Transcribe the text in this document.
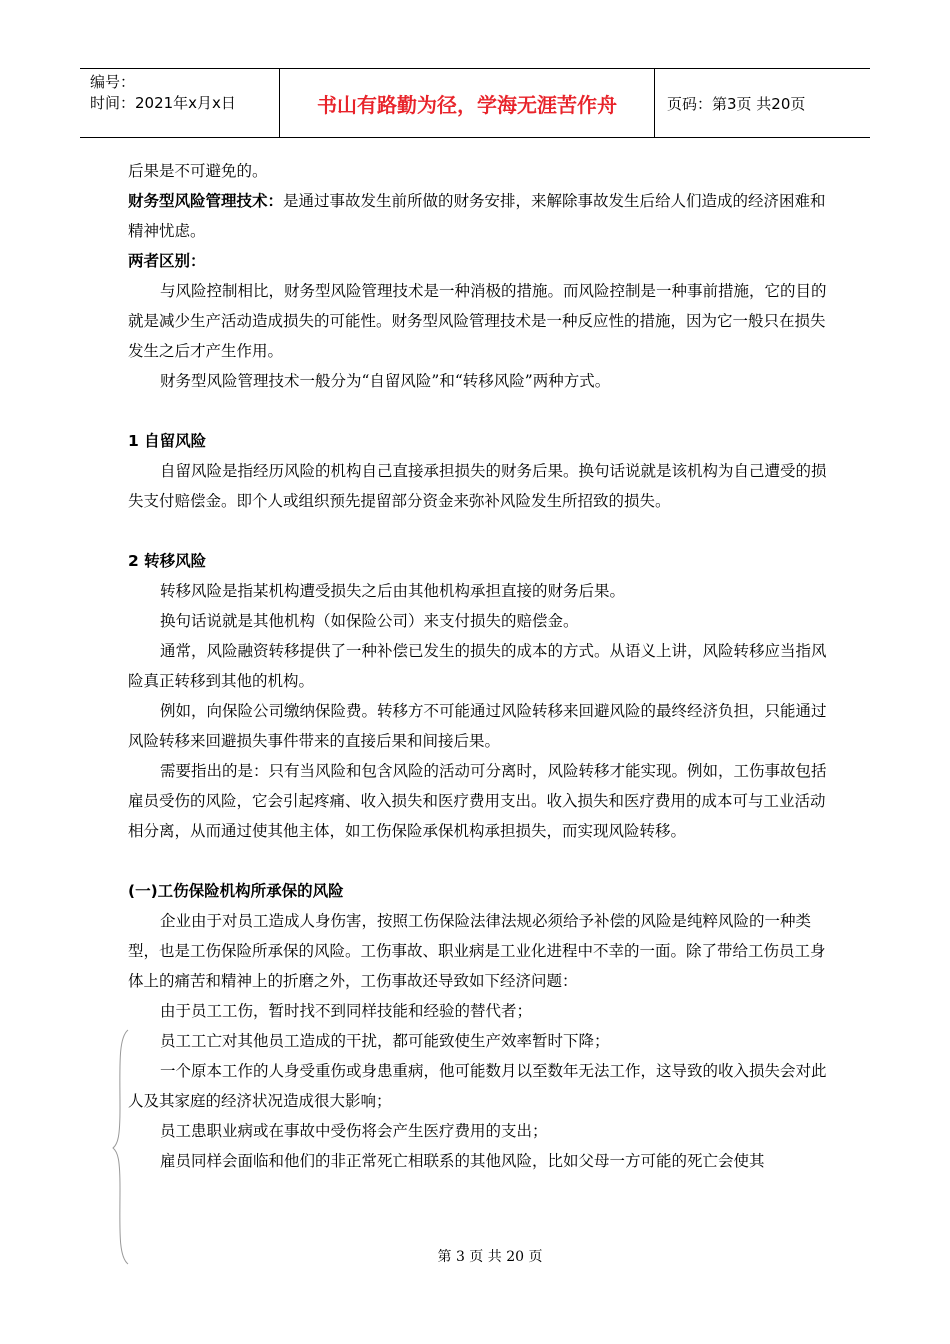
编号：
时间：2021年x月x日	书山有路勤为径，学海无涯苦作舟	页码：第3页 共20页

后果是不可避免的。

财务型风险管理技术：是通过事故发生前所做的财务安排，来解除事故发生后给人们造成的经济困难和精神忧虑。

两者区别：

与风险控制相比，财务型风险管理技术是一种消极的措施。而风险控制是一种事前措施，它的目的就是减少生产活动造成损失的可能性。财务型风险管理技术是一种反应性的措施，因为它一般只在损失发生之后才产生作用。

财务型风险管理技术一般分为“自留风险”和“转移风险”两种方式。

1 自留风险

自留风险是指经历风险的机构自己直接承担损失的财务后果。换句话说就是该机构为自己遭受的损失支付赔偿金。即个人或组织预先提留部分资金来弥补风险发生所招致的损失。

2 转移风险

转移风险是指某机构遭受损失之后由其他机构承担直接的财务后果。

换句话说就是其他机构（如保险公司）来支付损失的赔偿金。

通常，风险融资转移提供了一种补偿已发生的损失的成本的方式。从语义上讲，风险转移应当指风险真正转移到其他的机构。

例如，向保险公司缴纳保险费。转移方不可能通过风险转移来回避风险的最终经济负担，只能通过风险转移来回避损失事件带来的直接后果和间接后果。

需要指出的是：只有当风险和包含风险的活动可分离时，风险转移才能实现。例如，工伤事故包括雇员受伤的风险，它会引起疼痛、收入损失和医疗费用支出。收入损失和医疗费用的成本可与工业活动相分离，从而通过使其他主体，如工伤保险承保机构承担损失，而实现风险转移。

(一)工伤保险机构所承保的风险

企业由于对员工造成人身伤害，按照工伤保险法律法规必须给予补偿的风险是纯粹风险的一种类型，也是工伤保险所承保的风险。工伤事故、职业病是工业化进程中不幸的一面。除了带给工伤员工身体上的痛苦和精神上的折磨之外，工伤事故还导致如下经济问题：

由于员工工伤，暂时找不到同样技能和经验的替代者；

员工工亡对其他员工造成的干扰，都可能致使生产效率暂时下降；

一个原本工作的人身受重伤或身患重病，他可能数月以至数年无法工作，这导致的收入损失会对此人及其家庭的经济状况造成很大影响；

员工患职业病或在事故中受伤将会产生医疗费用的支出；

雇员同样会面临和他们的非正常死亡相联系的其他风险，比如父母一方可能的死亡会使其

第 3 页 共 20 页
